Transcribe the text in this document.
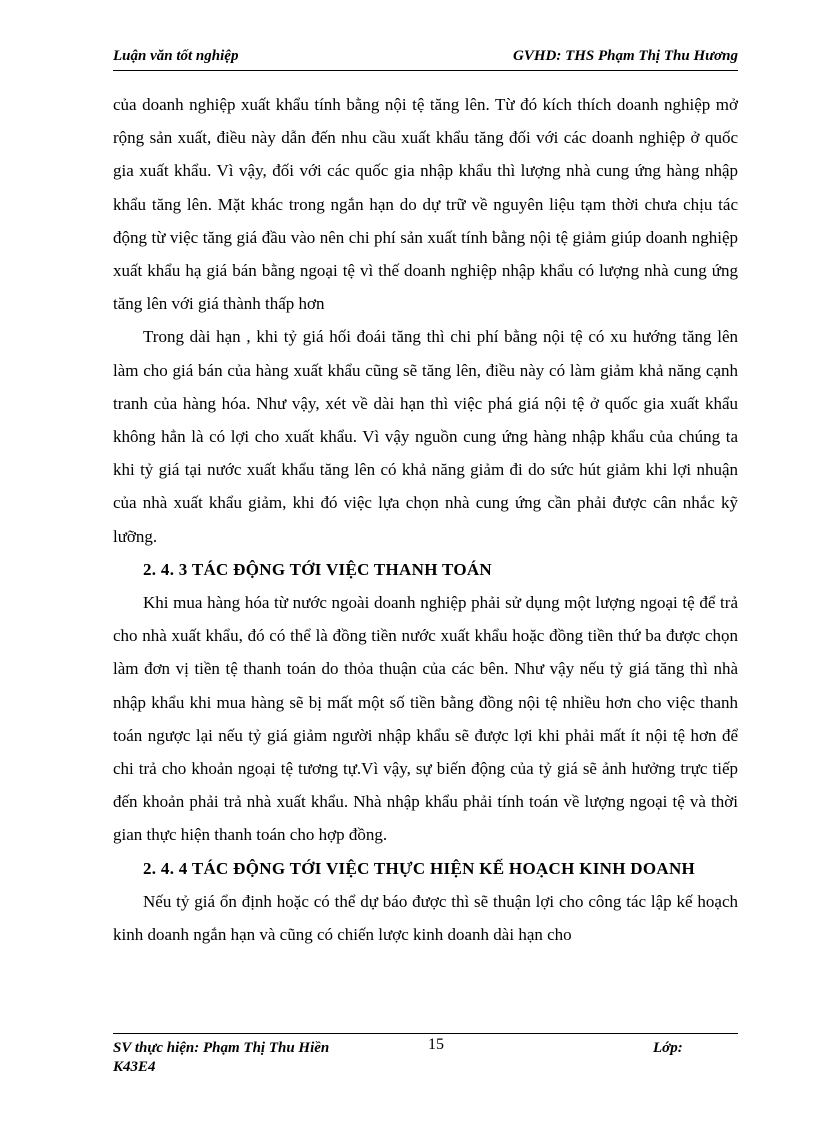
Luận văn tốt nghiệp	GVHD: THS Phạm Thị Thu Hương

của doanh nghiệp xuất khẩu tính bằng nội tệ tăng lên. Từ đó kích thích doanh nghiệp mở rộng sản xuất, điều này dẫn đến nhu cầu xuất khẩu tăng đối với các doanh nghiệp ở quốc gia xuất khẩu. Vì vậy, đối với các quốc gia nhập khẩu thì lượng nhà cung ứng hàng nhập khẩu tăng lên. Mặt khác trong ngắn hạn do dự trữ về nguyên liệu tạm thời chưa chịu tác động từ việc tăng giá đầu vào nên chi phí sản xuất tính bằng nội tệ giảm giúp doanh nghiệp xuất khẩu hạ giá bán bằng ngoại tệ vì thế doanh nghiệp nhập khẩu có lượng nhà cung ứng tăng lên với giá thành thấp hơn

Trong dài hạn , khi tỷ giá hối đoái tăng thì chi phí bằng nội tệ có xu hướng tăng lên làm cho giá bán của hàng xuất khẩu cũng sẽ tăng lên, điều này có làm giảm khả năng cạnh tranh của hàng hóa. Như vậy, xét về dài hạn thì việc phá giá nội tệ ở quốc gia xuất khẩu không hẳn là có lợi cho xuất khẩu. Vì vậy nguồn cung ứng hàng nhập khẩu của chúng ta khi tỷ giá tại nước xuất khẩu tăng lên có khả năng giảm đi do sức hút giảm khi lợi nhuận của nhà xuất khẩu giảm, khi đó việc lựa chọn nhà cung ứng cần phải được cân nhắc kỹ lưỡng.

2. 4. 3 TÁC ĐỘNG TỚI VIỆC THANH TOÁN

Khi mua hàng hóa từ nước ngoài doanh nghiệp phải sử dụng một lượng ngoại tệ để trả cho nhà xuất khẩu, đó có thể là đồng tiền nước xuất khẩu hoặc đồng tiền thứ ba được chọn làm đơn vị tiền tệ thanh toán do thỏa thuận của các bên. Như vậy nếu tỷ giá tăng thì nhà nhập khẩu khi mua hàng sẽ bị mất một số tiền bằng đồng nội tệ nhiều hơn cho việc thanh toán ngược lại nếu tỷ giá giảm người nhập khẩu sẽ được lợi khi phải mất ít nội tệ hơn để chi trả cho khoản ngoại tệ tương tự.Vì vậy, sự biến động của tỷ giá sẽ ảnh hưởng trực tiếp đến khoản phải trả nhà xuất khẩu. Nhà nhập khẩu phải tính toán về lượng ngoại tệ và thời gian thực hiện thanh toán cho hợp đồng.

2. 4. 4 TÁC ĐỘNG TỚI VIỆC THỰC HIỆN KẾ HOẠCH KINH DOANH

Nếu tỷ giá ổn định hoặc có thể dự báo được thì sẽ thuận lợi cho công tác lập kế hoạch kinh doanh ngắn hạn và cũng có chiến lược kinh doanh dài hạn cho

SV thực hiện: Phạm Thị Thu Hiền
K43E4
Lớp:
15
